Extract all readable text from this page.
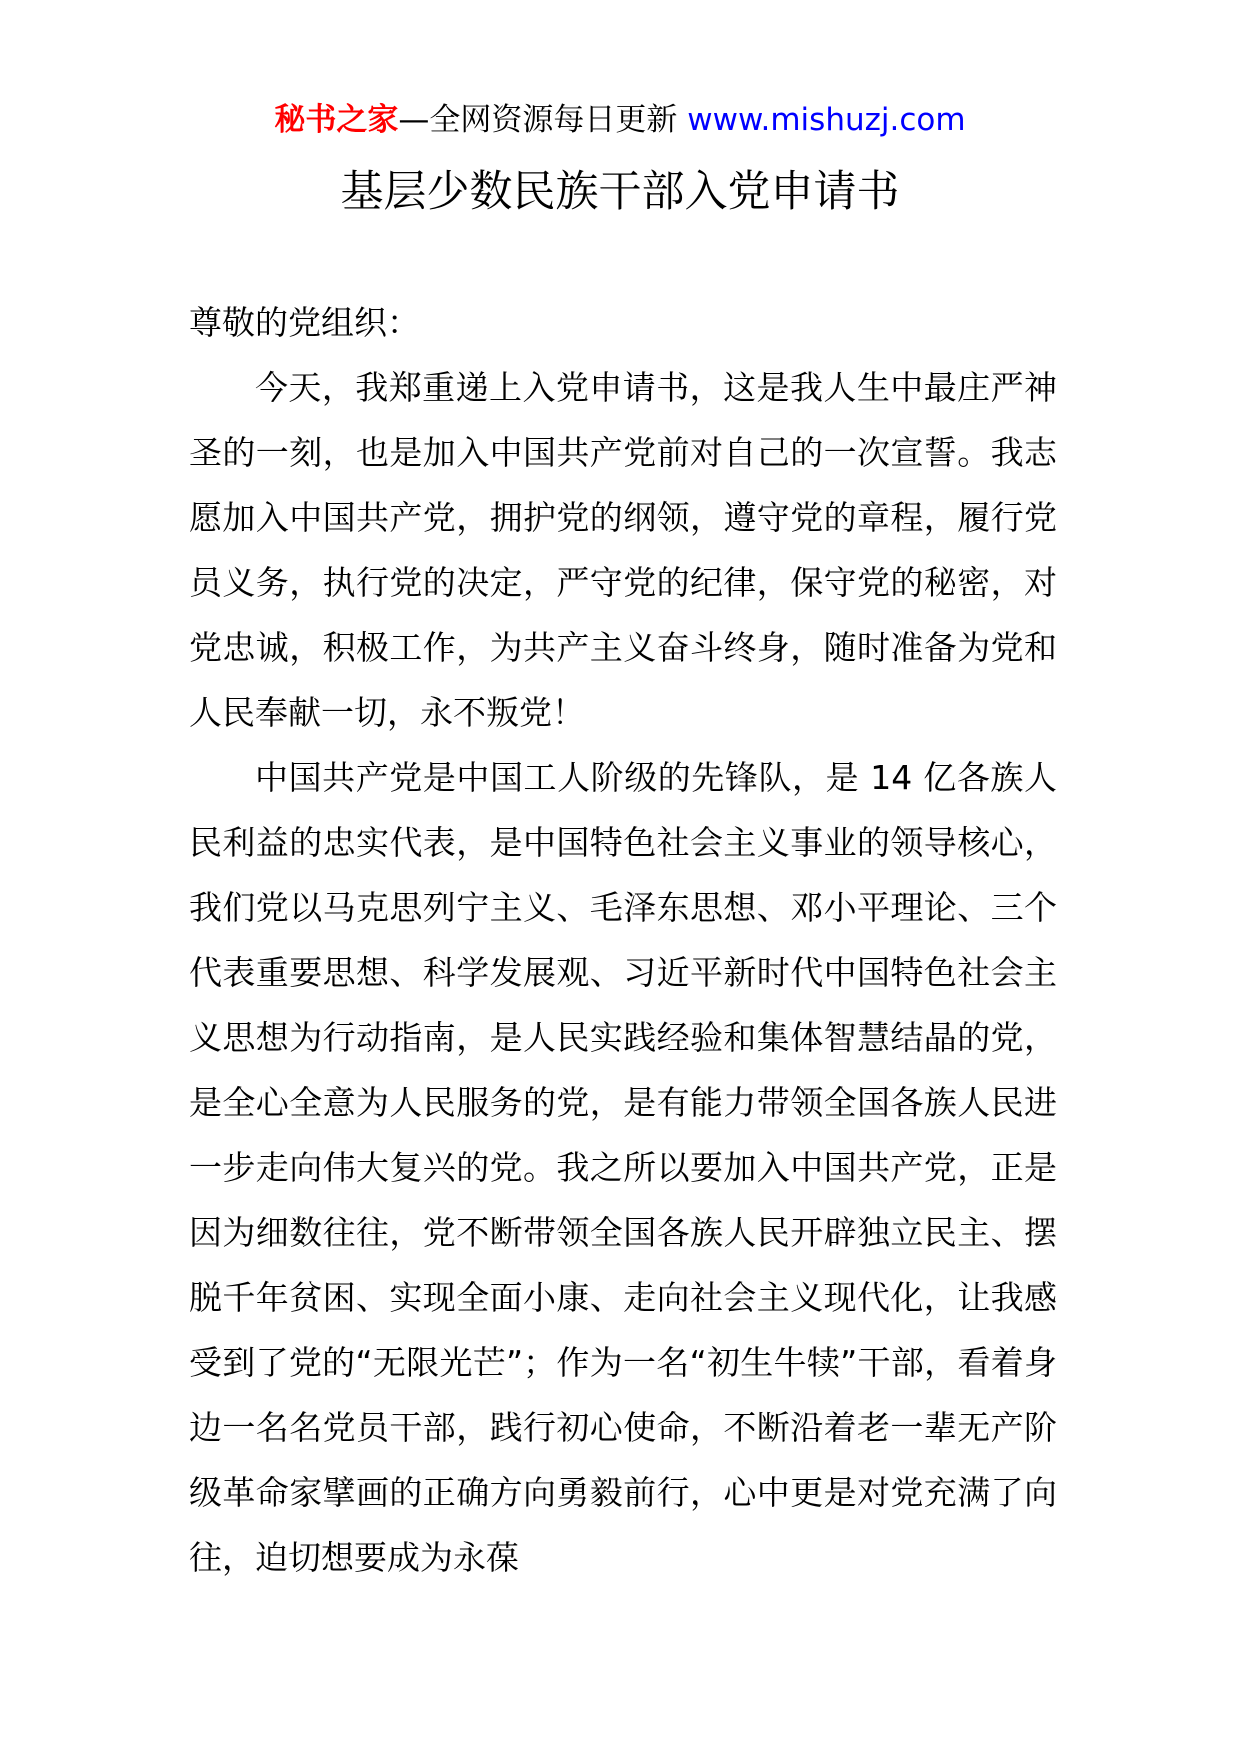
秘书之家—全网资源每日更新 www.mishuzj.com
基层少数民族干部入党申请书

尊敬的党组织：

今天，我郑重递上入党申请书，这是我人生中最庄严神圣的一刻，也是加入中国共产党前对自己的一次宣誓。我志愿加入中国共产党，拥护党的纲领，遵守党的章程，履行党员义务，执行党的决定，严守党的纪律，保守党的秘密，对党忠诚，积极工作，为共产主义奋斗终身，随时准备为党和人民奉献一切，永不叛党！

中国共产党是中国工人阶级的先锋队，是 14 亿各族人民利益的忠实代表，是中国特色社会主义事业的领导核心，我们党以马克思列宁主义、毛泽东思想、邓小平理论、三个代表重要思想、科学发展观、习近平新时代中国特色社会主义思想为行动指南，是人民实践经验和集体智慧结晶的党，是全心全意为人民服务的党，是有能力带领全国各族人民进一步走向伟大复兴的党。我之所以要加入中国共产党，正是因为细数往往，党不断带领全国各族人民开辟独立民主、摆脱千年贫困、实现全面小康、走向社会主义现代化，让我感受到了党的“无限光芒”；作为一名“初生牛犊”干部，看着身边一名名党员干部，践行初心使命，不断沿着老一辈无产阶级革命家擘画的正确方向勇毅前行，心中更是对党充满了向往，迫切想要成为永葆
